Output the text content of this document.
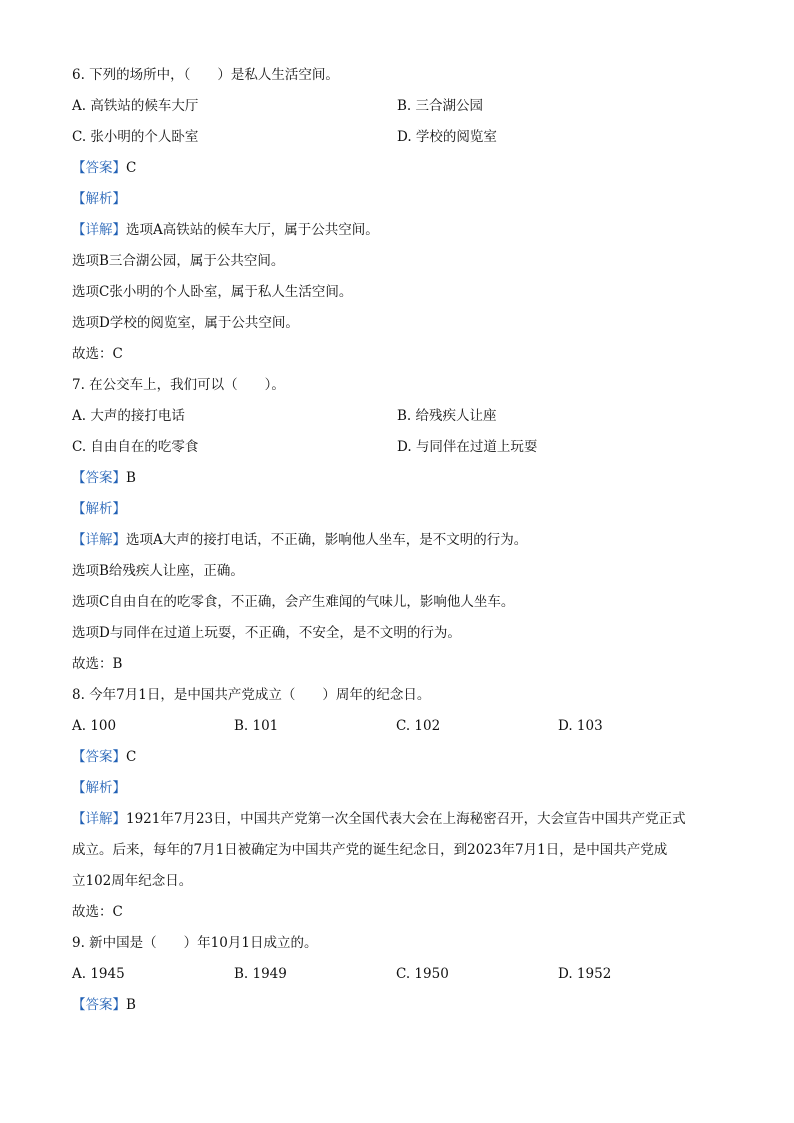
6. 下列的场所中，（　　）是私人生活空间。
A. 高铁站的候车大厅	B. 三合湖公园
C. 张小明的个人卧室	D. 学校的阅览室
【答案】C
【解析】
【详解】选项A高铁站的候车大厅，属于公共空间。
选项B三合湖公园，属于公共空间。
选项C张小明的个人卧室，属于私人生活空间。
选项D学校的阅览室，属于公共空间。
故选：C
7. 在公交车上，我们可以（　　）。
A. 大声的接打电话	B. 给残疾人让座
C. 自由自在的吃零食	D. 与同伴在过道上玩耍
【答案】B
【解析】
【详解】选项A大声的接打电话，不正确，影响他人坐车，是不文明的行为。
选项B给残疾人让座，正确。
选项C自由自在的吃零食，不正确，会产生难闻的气味儿，影响他人坐车。
选项D与同伴在过道上玩耍，不正确，不安全，是不文明的行为。
故选：B
8. 今年7月1日，是中国共产党成立（　　）周年的纪念日。
A. 100	B. 101	C. 102	D. 103
【答案】C
【解析】
【详解】1921年7月23日，中国共产党第一次全国代表大会在上海秘密召开，大会宣告中国共产党正式
成立。后来，每年的7月1日被确定为中国共产党的诞生纪念日，到2023年7月1日，是中国共产党成
立102周年纪念日。
故选：C
9. 新中国是（　　）年10月1日成立的。
A. 1945	B. 1949	C. 1950	D. 1952
【答案】B
